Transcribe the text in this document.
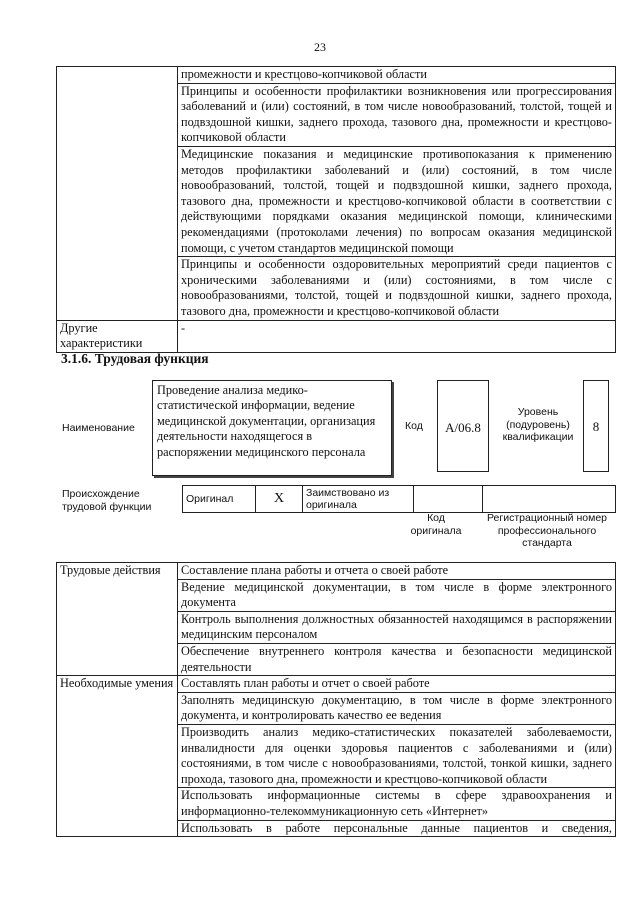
23
	промежности и крестцово-копчиковой области
	Принципы и особенности профилактики возникновения или прогрессирования заболеваний и (или) состояний, в том числе новообразований, толстой, тощей и подвздошной кишки, заднего прохода, тазового дна, промежности и крестцово-копчиковой области
	Медицинские показания и медицинские противопоказания к применению методов профилактики заболеваний и (или) состояний, в том числе новообразований, толстой, тощей и подвздошной кишки, заднего прохода, тазового дна, промежности и крестцово-копчиковой области в соответствии с действующими порядками оказания медицинской помощи, клиническими рекомендациями (протоколами лечения) по вопросам оказания медицинской помощи, с учетом стандартов медицинской помощи
	Принципы и особенности оздоровительных мероприятий среди пациентов с хроническими заболеваниями и (или) состояниями, в том числе с новообразованиями, толстой, тощей и подвздошной кишки, заднего прохода, тазового дна, промежности и крестцово-копчиковой области
Другие характеристики	-
3.1.6. Трудовая функция
Наименование
Проведение анализа медико-статистической информации, ведение медицинской документации, организация деятельности находящегося в распоряжении медицинского персонала
Код	A/06.8
Уровень (подуровень) квалификации
8
Происхождение трудовой функции
Оригинал	X	Заимствовано из оригинала		
Код оригинала
Регистрационный номер профессионального стандарта
Трудовые действия	Составление плана работы и отчета о своей работе
	Ведение медицинской документации, в том числе в форме электронного документа
	Контроль выполнения должностных обязанностей находящимся в распоряжении медицинским персоналом
	Обеспечение внутреннего контроля качества и безопасности медицинской деятельности
Необходимые умения	Составлять план работы и отчет о своей работе
	Заполнять медицинскую документацию, в том числе в форме электронного документа, и контролировать качество ее ведения
	Производить анализ медико-статистических показателей заболеваемости, инвалидности для оценки здоровья пациентов с заболеваниями и (или) состояниями, в том числе с новообразованиями, толстой, тонкой кишки, заднего прохода, тазового дна, промежности и крестцово-копчиковой области
	Использовать информационные системы в сфере здравоохранения и информационно-телекоммуникационную сеть «Интернет»
	Использовать в работе персональные данные пациентов и сведения,
